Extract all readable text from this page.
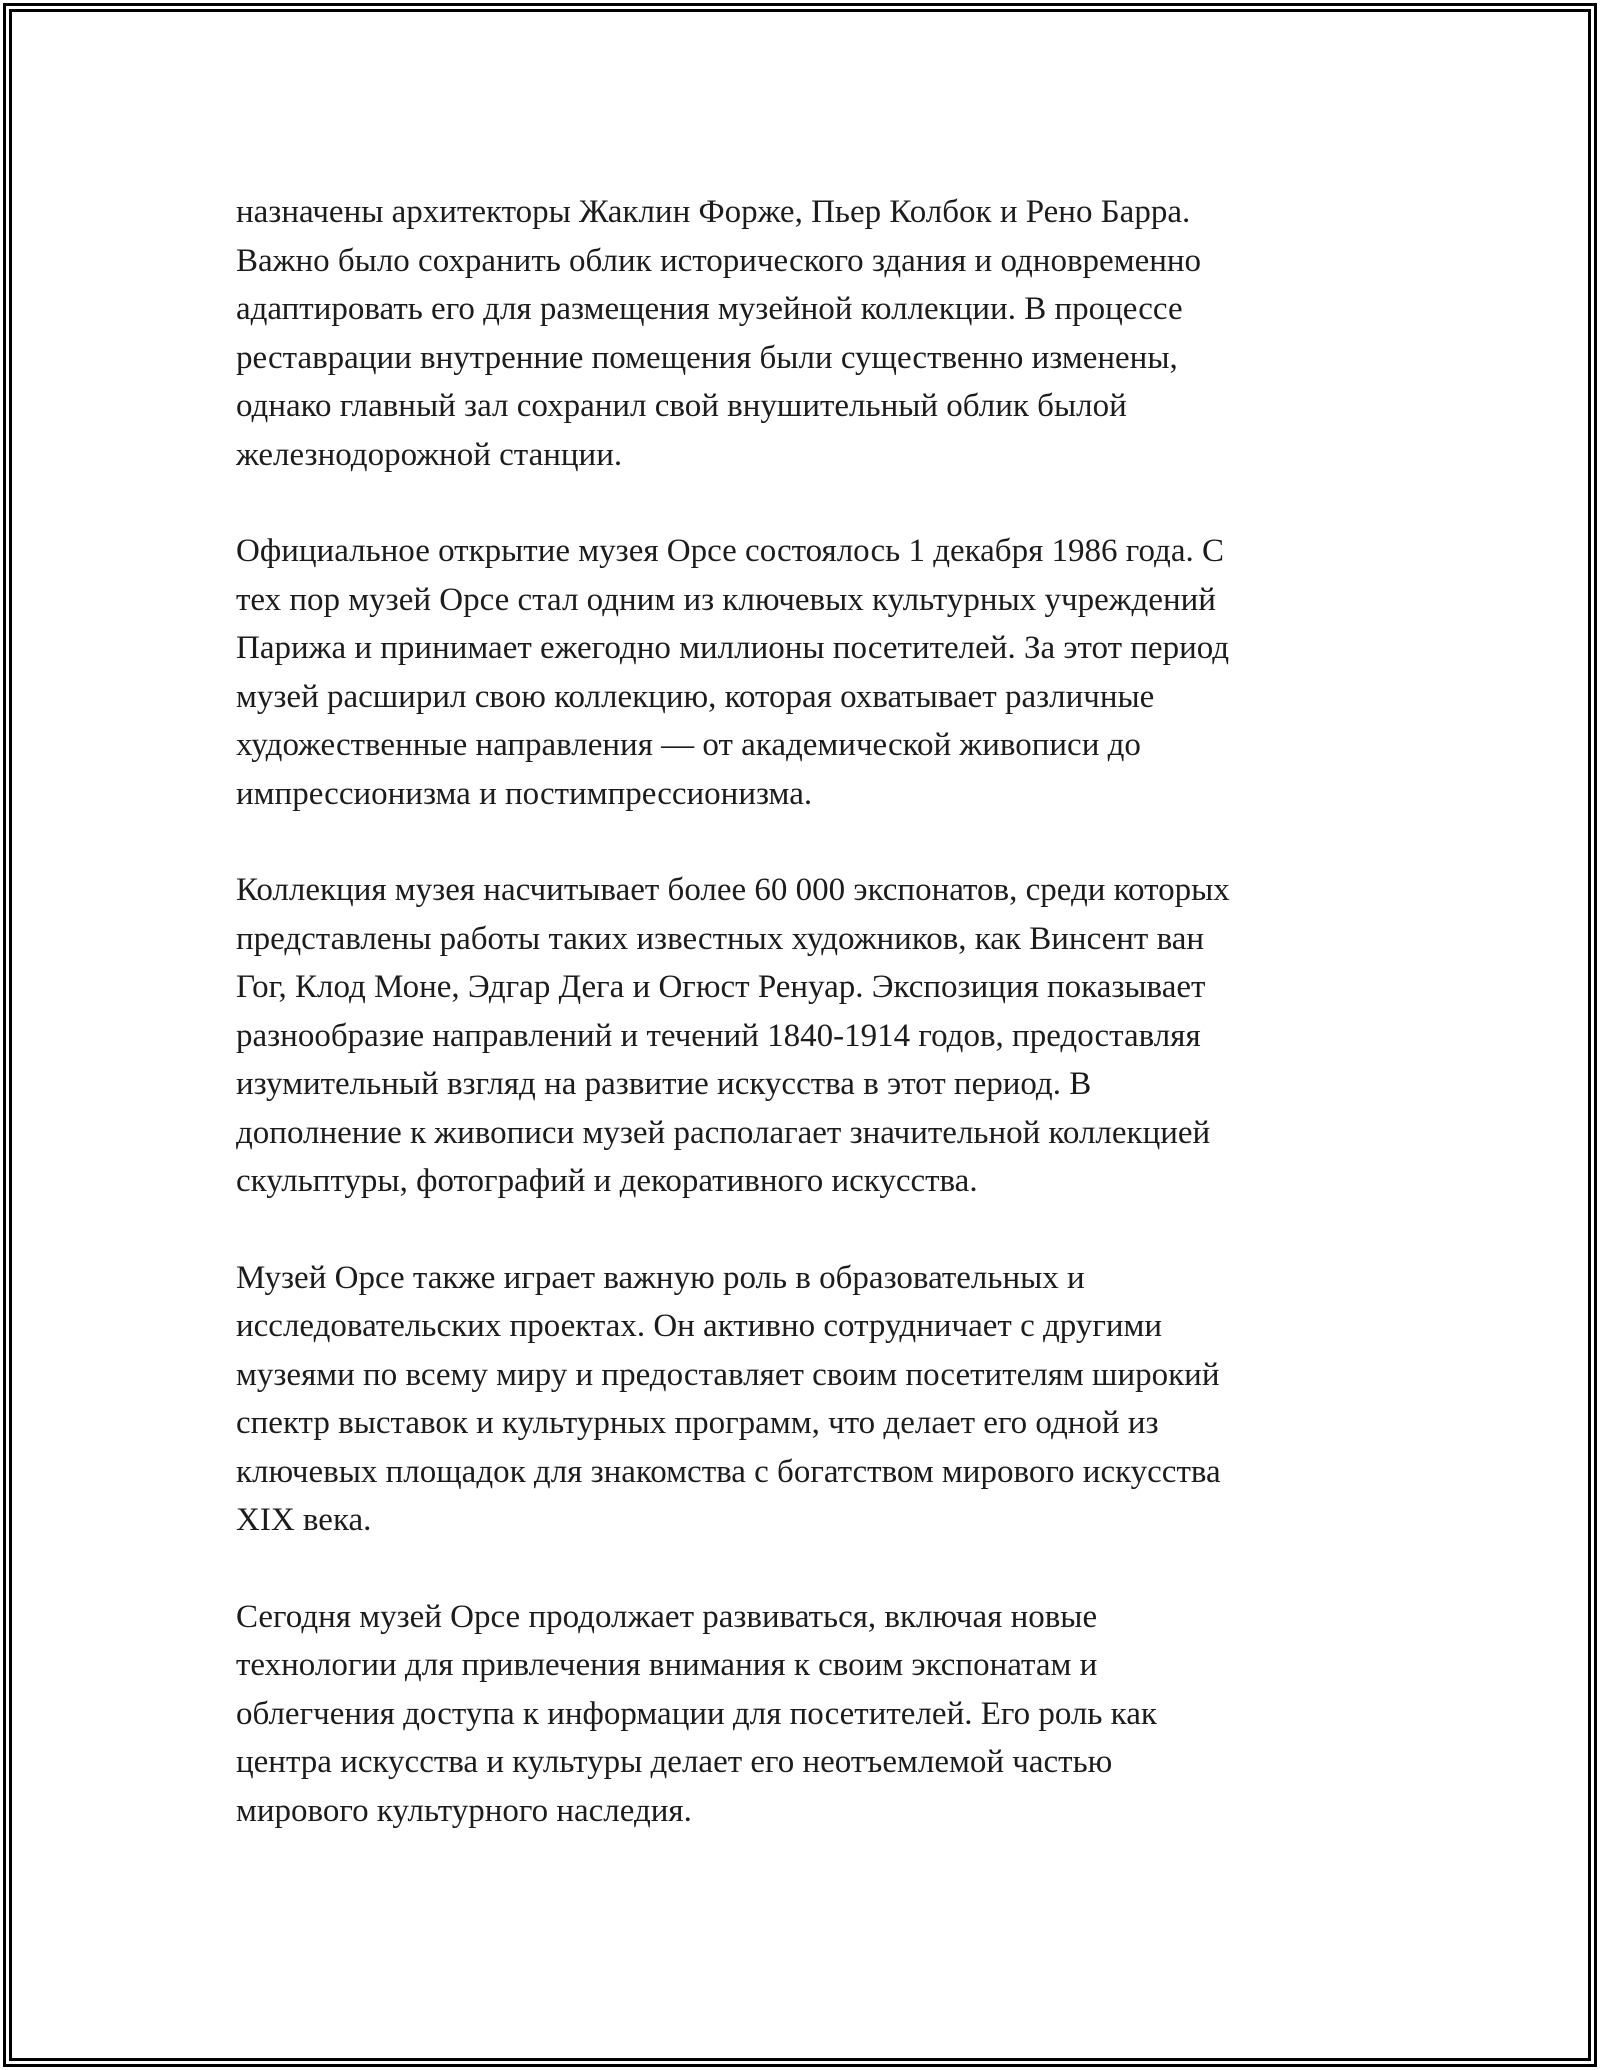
назначены архитекторы Жаклин Форже, Пьер Колбок и Рено Барра.
Важно было сохранить облик исторического здания и одновременно
адаптировать его для размещения музейной коллекции. В процессе
реставрации внутренние помещения были существенно изменены,
однако главный зал сохранил свой внушительный облик былой
железнодорожной станции.

Официальное открытие музея Орсе состоялось 1 декабря 1986 года. С
тех пор музей Орсе стал одним из ключевых культурных учреждений
Парижа и принимает ежегодно миллионы посетителей. За этот период
музей расширил свою коллекцию, которая охватывает различные
художественные направления — от академической живописи до
импрессионизма и постимпрессионизма.

Коллекция музея насчитывает более 60 000 экспонатов, среди которых
представлены работы таких известных художников, как Винсент ван
Гог, Клод Моне, Эдгар Дега и Огюст Ренуар. Экспозиция показывает
разнообразие направлений и течений 1840-1914 годов, предоставляя
изумительный взгляд на развитие искусства в этот период. В
дополнение к живописи музей располагает значительной коллекцией
скульптуры, фотографий и декоративного искусства.

Музей Орсе также играет важную роль в образовательных и
исследовательских проектах. Он активно сотрудничает с другими
музеями по всему миру и предоставляет своим посетителям широкий
спектр выставок и культурных программ, что делает его одной из
ключевых площадок для знакомства с богатством мирового искусства
XIX века.

Сегодня музей Орсе продолжает развиваться, включая новые
технологии для привлечения внимания к своим экспонатам и
облегчения доступа к информации для посетителей. Его роль как
центра искусства и культуры делает его неотъемлемой частью
мирового культурного наследия.
